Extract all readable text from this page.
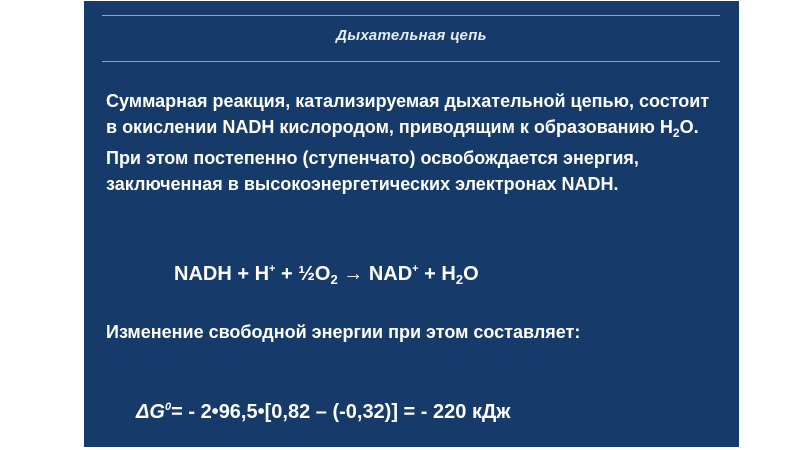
Дыхательная цепь
Суммарная реакция, катализируемая дыхательной цепью, состоит в окислении NADH кислородом, приводящим к образованию $H_2O$. При этом постепенно (ступенчато) освобождается энергия, заключенная в высокоэнергетических электронах NADH.
NADH + $H^+ + \frac{1}{2}O_2 \to NAD^+ + H_2O$
Изменение свободной энергии при этом составляет:
$\Delta G^0=$ - 2•96,5•[0,82 – (-0,32)] = - 220 кДж
